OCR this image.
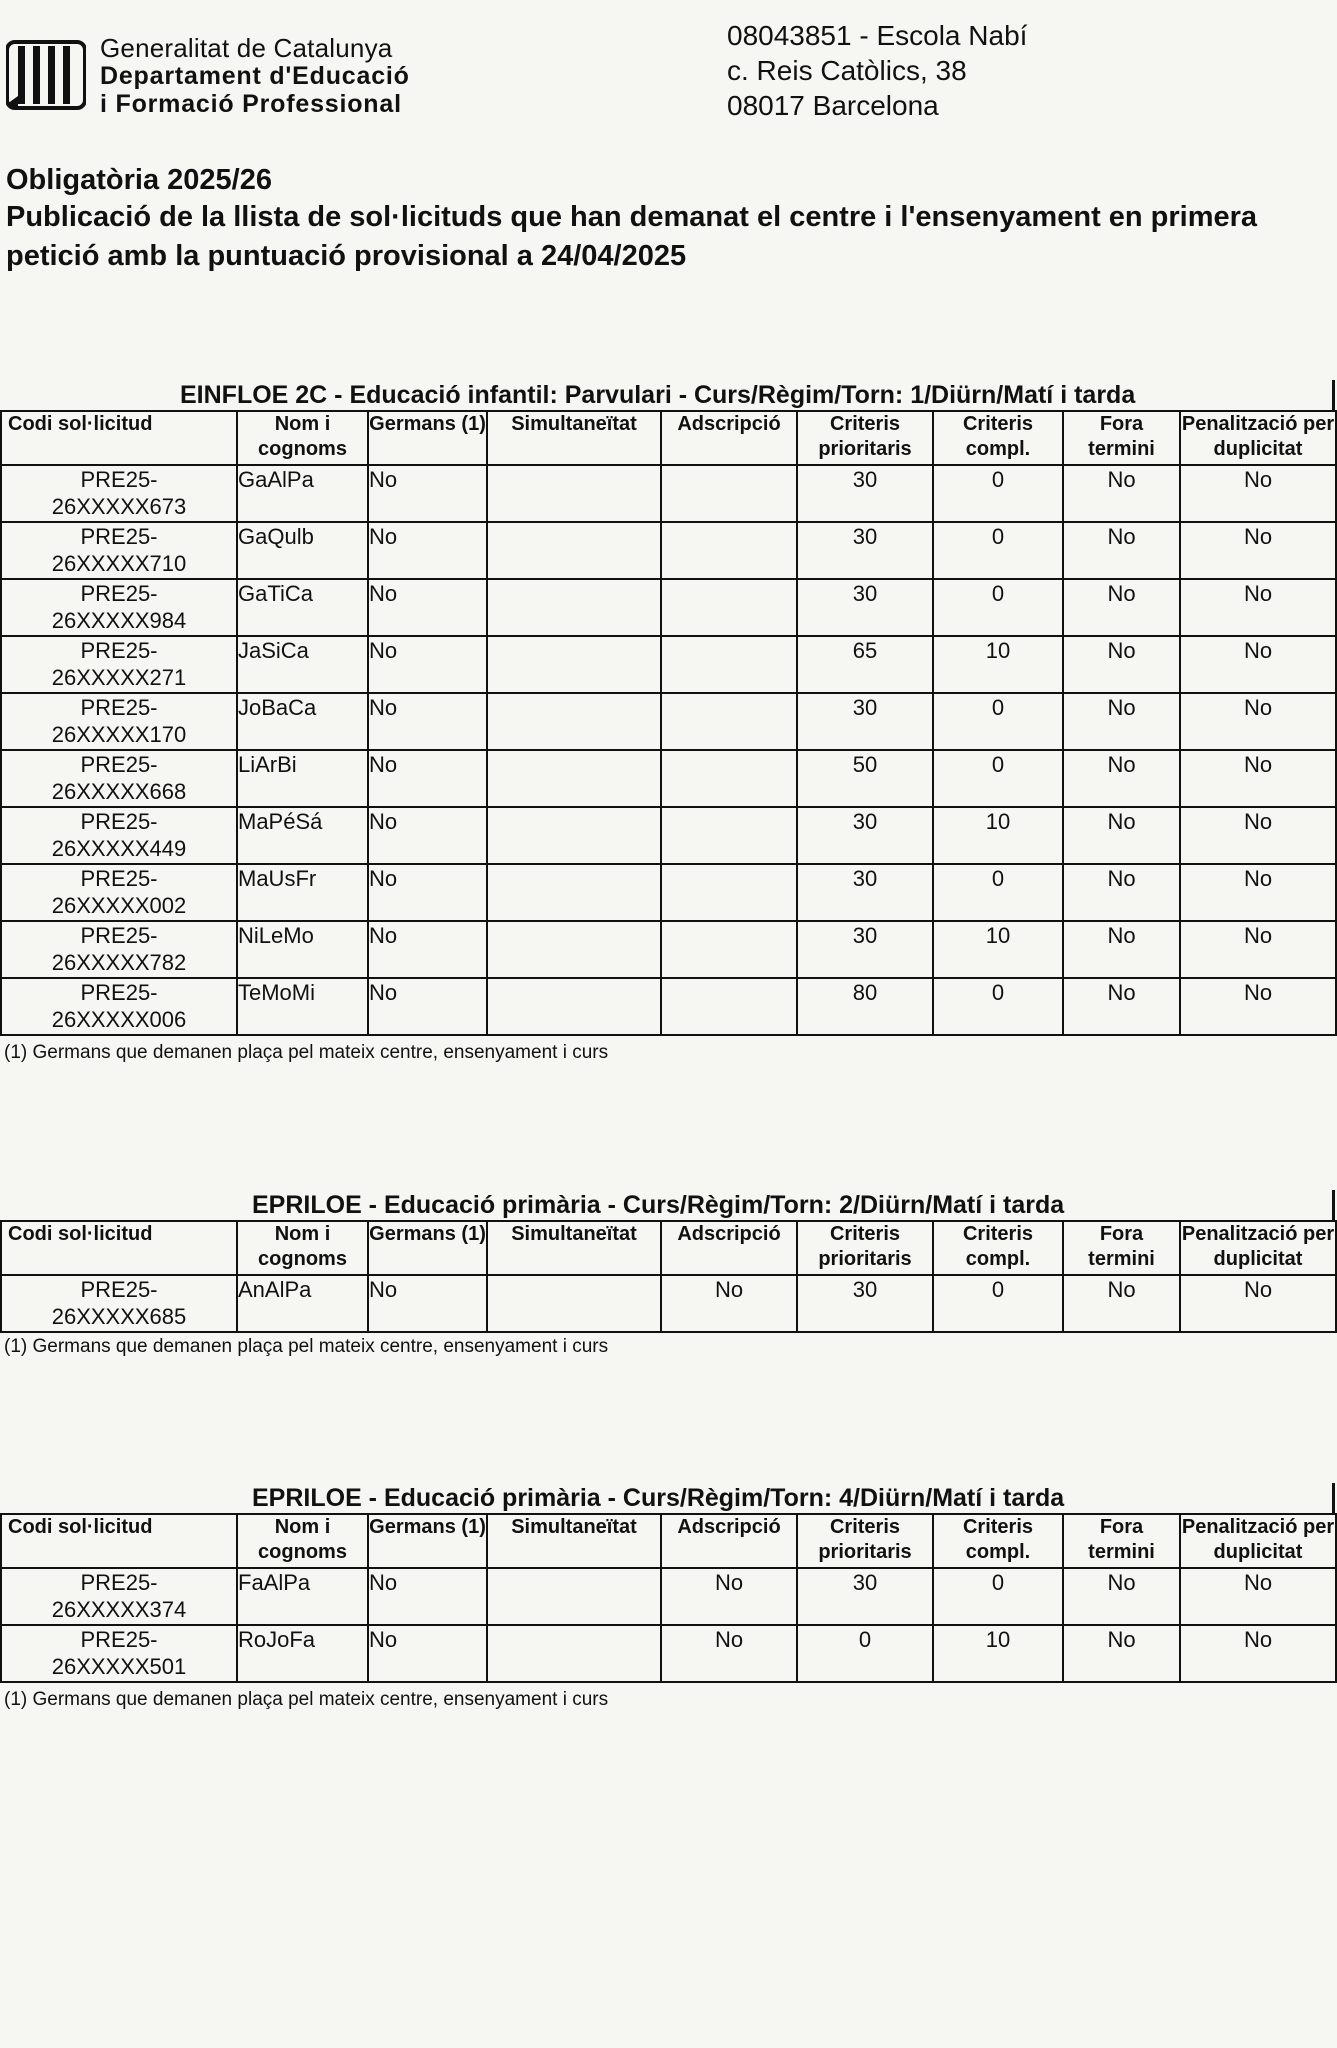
Generalitat de Catalunya
Departament d'Educació
i Formació Professional
08043851 - Escola Nabí
c. Reis Catòlics, 38
08017 Barcelona
Obligatòria 2025/26
Publicació de la llista de sol·licituds que han demanat el centre i l'ensenyament en primera petició amb la puntuació provisional a 24/04/2025
EINFLOE 2C - Educació infantil: Parvulari - Curs/Règim/Torn: 1/Diürn/Matí i tarda
Codi sol·licitud	Nom i cognoms	Germans (1)	Simultaneïtat	Adscripció	Criteris prioritaris	Criteris compl.	Fora termini	Penalització per duplicitat

PRE25-
26XXXXX673	GaAlPa	No			30	0	No	No

PRE25-
26XXXXX710	GaQulb	No			30	0	No	No

PRE25-
26XXXXX984	GaTiCa	No			30	0	No	No

PRE25-
26XXXXX271	JaSiCa	No			65	10	No	No

PRE25-
26XXXXX170	JoBaCa	No			30	0	No	No

PRE25-
26XXXXX668	LiArBi	No			50	0	No	No

PRE25-
26XXXXX449	MaPéSá	No			30	10	No	No

PRE25-
26XXXXX002	MaUsFr	No			30	0	No	No

PRE25-
26XXXXX782	NiLeMo	No			30	10	No	No

PRE25-
26XXXXX006	TeMoMi	No			80	0	No	No
(1) Germans que demanen plaça pel mateix centre, ensenyament i curs
EPRILOE - Educació primària - Curs/Règim/Torn: 2/Diürn/Matí i tarda
Codi sol·licitud	Nom i cognoms	Germans (1)	Simultaneïtat	Adscripció	Criteris prioritaris	Criteris compl.	Fora termini	Penalització per duplicitat

PRE25-
26XXXXX685	AnAlPa	No		No	30	0	No	No
(1) Germans que demanen plaça pel mateix centre, ensenyament i curs
EPRILOE - Educació primària - Curs/Règim/Torn: 4/Diürn/Matí i tarda
Codi sol·licitud	Nom i cognoms	Germans (1)	Simultaneïtat	Adscripció	Criteris prioritaris	Criteris compl.	Fora termini	Penalització per duplicitat

PRE25-
26XXXXX374	FaAlPa	No		No	30	0	No	No

PRE25-
26XXXXX501	RoJoFa	No		No	0	10	No	No
(1) Germans que demanen plaça pel mateix centre, ensenyament i curs
